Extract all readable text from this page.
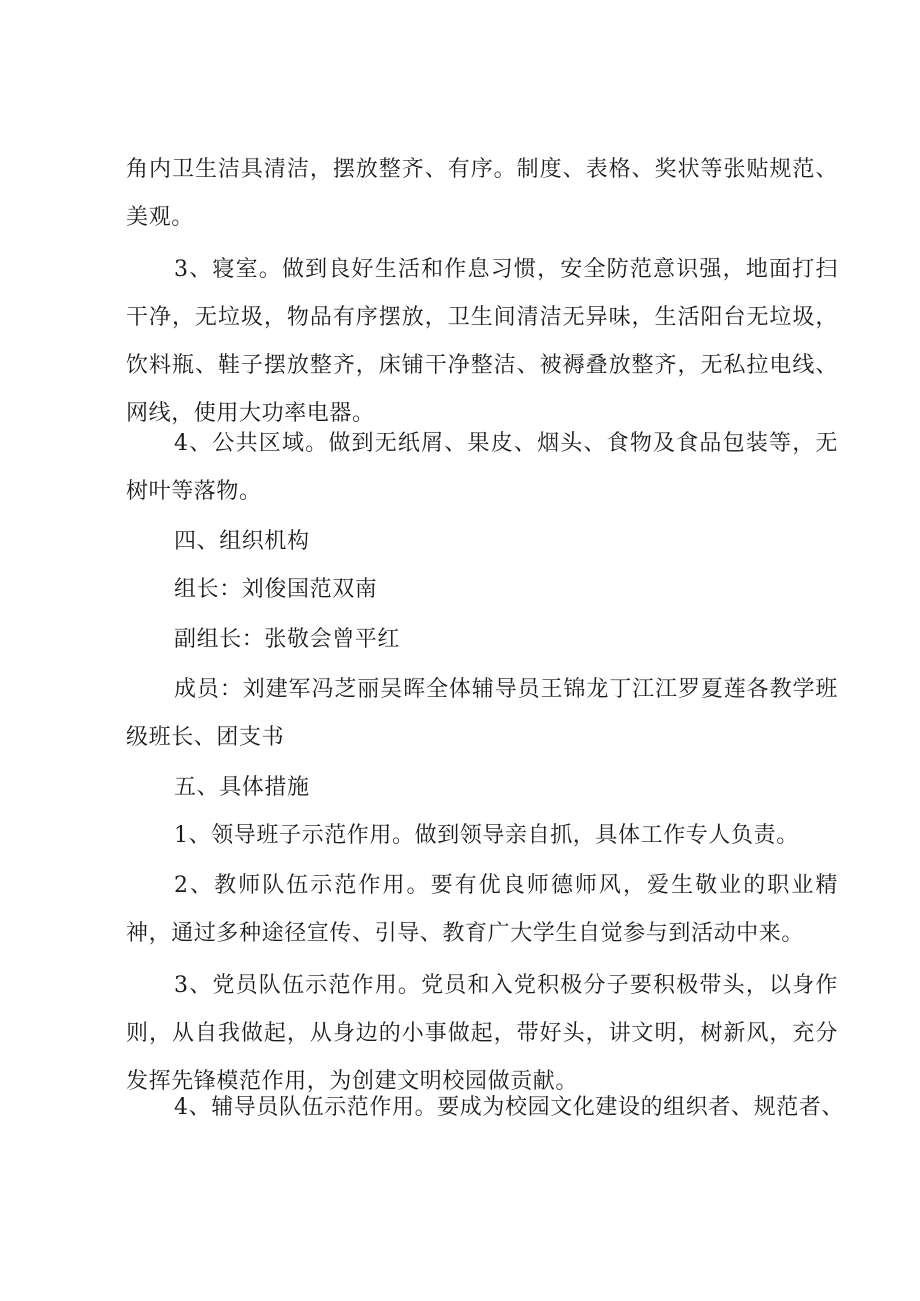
角内卫生洁具清洁，摆放整齐、有序。制度、表格、奖状等张贴规范、美观。

3、寝室。做到良好生活和作息习惯，安全防范意识强，地面打扫干净，无垃圾，物品有序摆放，卫生间清洁无异味，生活阳台无垃圾，饮料瓶、鞋子摆放整齐，床铺干净整洁、被褥叠放整齐，无私拉电线、网线，使用大功率电器。

4、公共区域。做到无纸屑、果皮、烟头、食物及食品包装等，无树叶等落物。

四、组织机构

组长：刘俊国范双南

副组长：张敬会曾平红

成员：刘建军冯芝丽吴晖全体辅导员王锦龙丁江江罗夏莲各教学班级班长、团支书

五、具体措施

1、领导班子示范作用。做到领导亲自抓，具体工作专人负责。

2、教师队伍示范作用。要有优良师德师风，爱生敬业的职业精神，通过多种途径宣传、引导、教育广大学生自觉参与到活动中来。

3、党员队伍示范作用。党员和入党积极分子要积极带头，以身作则，从自我做起，从身边的小事做起，带好头，讲文明，树新风，充分发挥先锋模范作用，为创建文明校园做贡献。

4、辅导员队伍示范作用。要成为校园文化建设的组织者、规范者、
